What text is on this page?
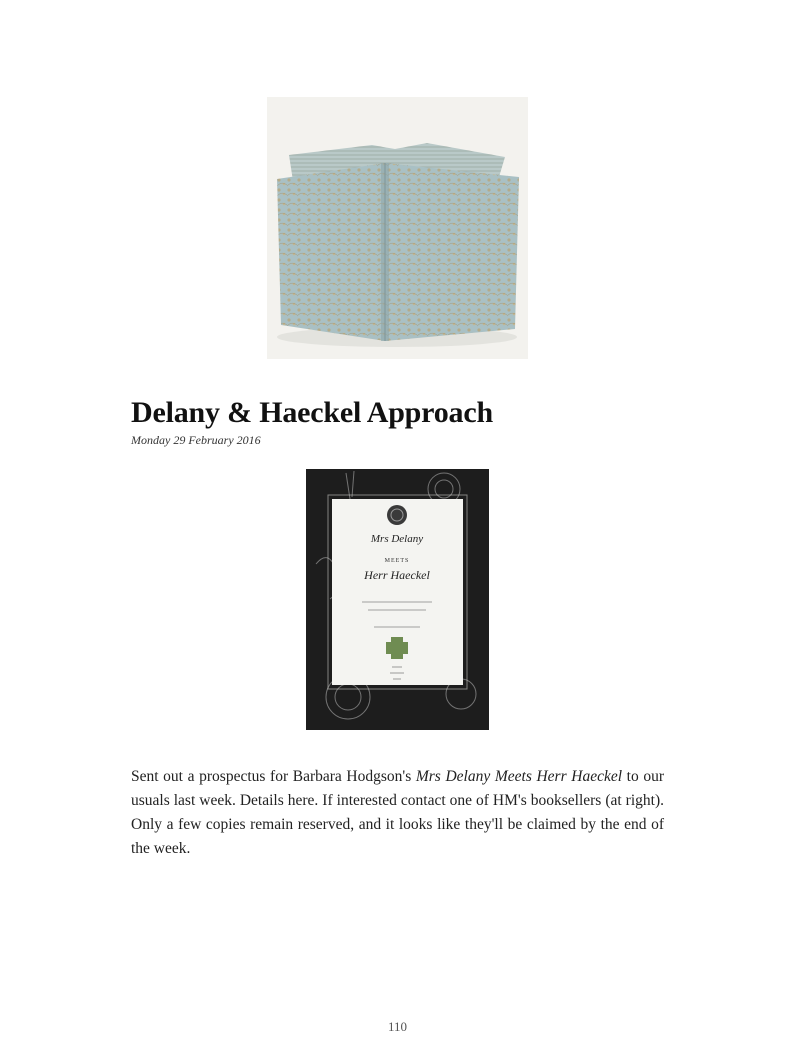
Delany & Haeckel Approach
Monday 29 February 2016
Mrs Delany
MEETS
Herr Haeckel

Sent out a prospectus for Barbara Hodgson's Mrs Delany Meets Herr Haeckel to our usuals last week. Details here. If interested contact one of HM's booksellers (at right). Only a few copies remain reserved, and it looks like they'll be claimed by the end of the week.

110
